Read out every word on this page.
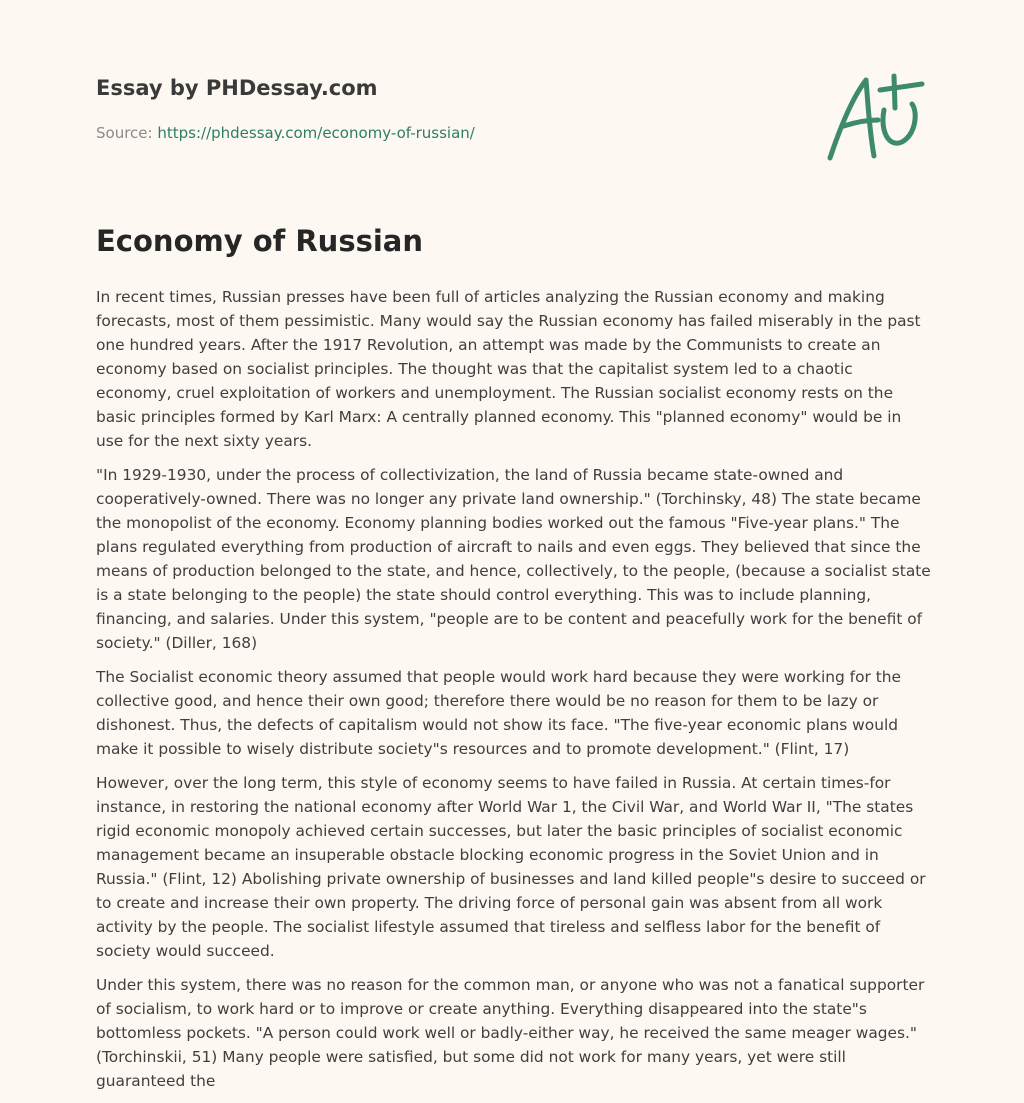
Essay by PHDessay.com
Source: https://phdessay.com/economy-of-russian/
Economy of Russian

In recent times, Russian presses have been full of articles analyzing the Russian economy and making forecasts, most of them pessimistic. Many would say the Russian economy has failed miserably in the past one hundred years. After the 1917 Revolution, an attempt was made by the Communists to create an economy based on socialist principles. The thought was that the capitalist system led to a chaotic economy, cruel exploitation of workers and unemployment. The Russian socialist economy rests on the basic principles formed by Karl Marx: A centrally planned economy. This "planned economy" would be in use for the next sixty years.

"In 1929-1930, under the process of collectivization, the land of Russia became state-owned and cooperatively-owned. There was no longer any private land ownership." (Torchinsky, 48) The state became the monopolist of the economy. Economy planning bodies worked out the famous "Five-year plans." The plans regulated everything from production of aircraft to nails and even eggs. They believed that since the means of production belonged to the state, and hence, collectively, to the people, (because a socialist state is a state belonging to the people) the state should control everything. This was to include planning, financing, and salaries. Under this system, "people are to be content and peacefully work for the benefit of society." (Diller, 168)

The Socialist economic theory assumed that people would work hard because they were working for the collective good, and hence their own good; therefore there would be no reason for them to be lazy or dishonest. Thus, the defects of capitalism would not show its face. "The five-year economic plans would make it possible to wisely distribute society"s resources and to promote development." (Flint, 17)

However, over the long term, this style of economy seems to have failed in Russia. At certain times-for instance, in restoring the national economy after World War 1, the Civil War, and World War II, "The states rigid economic monopoly achieved certain successes, but later the basic principles of socialist economic management became an insuperable obstacle blocking economic progress in the Soviet Union and in Russia." (Flint, 12) Abolishing private ownership of businesses and land killed people"s desire to succeed or to create and increase their own property. The driving force of personal gain was absent from all work activity by the people. The socialist lifestyle assumed that tireless and selfless labor for the benefit of society would succeed.

Under this system, there was no reason for the common man, or anyone who was not a fanatical supporter of socialism, to work hard or to improve or create anything. Everything disappeared into the state"s bottomless pockets. "A person could work well or badly-either way, he received the same meager wages." (Torchinskii, 51) Many people were satisfied, but some did not work for many years, yet were still guaranteed the
